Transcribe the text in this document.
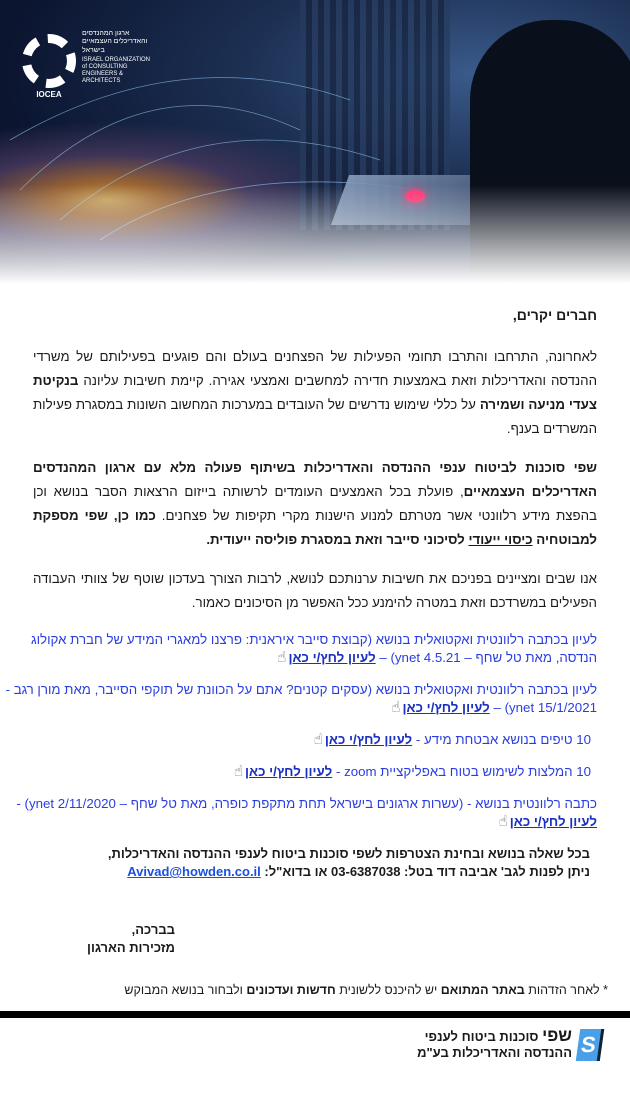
IOCEA
ארגון המהנדסים והאדריכלים העצמאיים בישראל
ISRAEL ORGANIZATION of CONSULTING ENGINEERS & ARCHITECTS
חברים יקרים,
לאחרונה, התרחבו והתרבו תחומי הפעילות של הפצחנים בעולם והם פוגעים בפעילותם של משרדי ההנדסה והאדריכלות וזאת באמצעות חדירה למחשבים ואמצעי אגירה. קיימת חשיבות עליונה בנקיטת צעדי מניעה ושמירה על כללי שימוש נדרשים של העובדים במערכות המחשוב השונות במסגרת פעילות המשרדים בענף.
שפי סוכנות לביטוח ענפי ההנדסה והאדריכלות בשיתוף פעולה מלא עם ארגון המהנדסים האדריכלים העצמאיים, פועלת בכל האמצעים העומדים לרשותה בייזום הרצאות הסבר בנושא וכן בהפצת מידע רלוונטי אשר מטרתם למנוע הישנות מקרי תקיפות של פצחנים. כמו כן, שפי מספקת למבוטחיה כיסוי ייעודי לסיכוני סייבר וזאת במסגרת פוליסה ייעודית.
אנו שבים ומציינים בפניכם את חשיבות ערנותכם לנושא, לרבות הצורך בעדכון שוטף של צוותי העבודה הפעילים במשרדכם וזאת במטרה להימנע ככל האפשר מן הסיכונים כאמור.
לעיון בכתבה רלוונטית ואקטואלית בנושא (קבוצת סייבר איראנית: פרצנו למאגרי המידע של חברת אקולוג הנדסה, מאת טל שחף – ynet 4.5.21) – לעיון לחץ/י כאן☝
לעיון בכתבה רלוונטית ואקטואלית בנושא (עסקים קטנים? אתם על הכוונת של תוקפי הסייבר, מאת מורן רגב - ynet 15/1/2021) – לעיון לחץ/י כאן☝
10 טיפים בנושא אבטחת מידע - לעיון לחץ/י כאן☝
10 המלצות לשימוש בטוח באפליקציית zoom - לעיון לחץ/י כאן☝
כתבה רלוונטית בנושא - (עשרות ארגונים בישראל תחת מתקפת כופרה, מאת טל שחף – ynet 2/11/2020) - לעיון לחץ/י כאן☝
בכל שאלה בנושא ובחינת הצטרפות לשפי סוכנות ביטוח לענפי ההנדסה והאדריכלות,
ניתן לפנות לגב' אביבה דוד בטל: 03-6387038 או בדוא"ל: Avivad@howden.co.il
בברכה,
מזכירות הארגון
* לאחר הזדהות באתר המתואם יש להיכנס ללשונית חדשות ועדכונים ולבחור בנושא המבוקש
S
שפי סוכנות ביטוח לענפי
ההנדסה והאדריכלות בע"מ
